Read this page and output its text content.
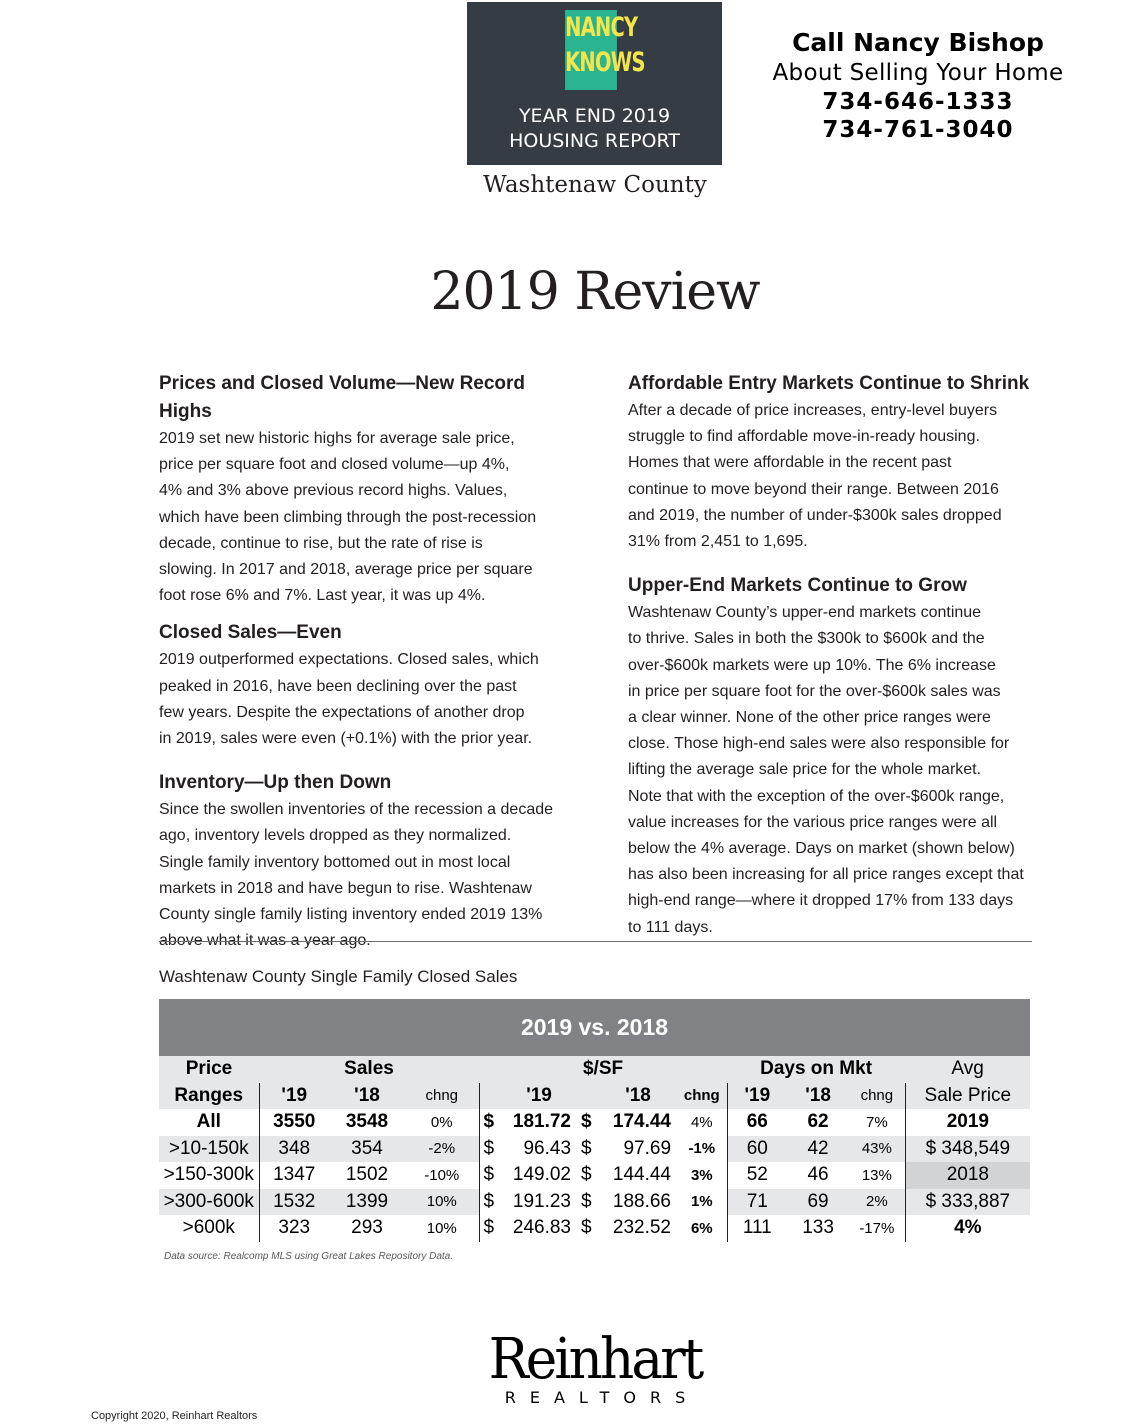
NANCY
KNOWS
YEAR END 2019
HOUSING REPORT
Washtenaw County
Call Nancy Bishop
About Selling Your Home
734-646-1333
734-761-3040
2019 Review
Prices and Closed Volume—New Record Highs

2019 set new historic highs for average sale price,
price per square foot and closed volume—up 4%,
4% and 3% above previous record highs. Values,
which have been climbing through the post-recession
decade, continue to rise, but the rate of rise is
slowing. In 2017 and 2018, average price per square
foot rose 6% and 7%. Last year, it was up 4%.

Closed Sales—Even

2019 outperformed expectations. Closed sales, which
peaked in 2016, have been declining over the past
few years. Despite the expectations of another drop
in 2019, sales were even (+0.1%) with the prior year.

Inventory—Up then Down

Since the swollen inventories of the recession a decade
ago, inventory levels dropped as they normalized.
Single family inventory bottomed out in most local
markets in 2018 and have begun to rise. Washtenaw
County single family listing inventory ended 2019 13%
above what it was a year ago.

Affordable Entry Markets Continue to Shrink

After a decade of price increases, entry-level buyers
struggle to find affordable move-in-ready housing.
Homes that were affordable in the recent past
continue to move beyond their range. Between 2016
and 2019, the number of under-$300k sales dropped
31% from 2,451 to 1,695.

Upper-End Markets Continue to Grow

Washtenaw County’s upper-end markets continue
to thrive. Sales in both the $300k to $600k and the
over-$600k markets were up 10%. The 6% increase
in price per square foot for the over-$600k sales was
a clear winner. None of the other price ranges were
close. Those high-end sales were also responsible for
lifting the average sale price for the whole market.
Note that with the exception of the over-$600k range,
value increases for the various price ranges were all
below the 4% average. Days on market (shown below)
has also been increasing for all price ranges except that
high-end range—where it dropped 17% from 133 days
to 111 days.

Washtenaw County Single Family Closed Sales
2019 vs. 2018
Price	Sales			$/SF					Days on Mkt			Avg
Ranges	'19	'18	chng		'19		'18	chng	'19	'18	chng	Sale Price
All	3550	3548	0%	$	181.72	$	174.44	4%	66	62	7%	2019
>10-150k	348	354	-2%	$	96.43	$	97.69	-1%	60	42	43%	$ 348,549
>150-300k	1347	1502	-10%	$	149.02	$	144.44	3%	52	46	13%	2018
>300-600k	1532	1399	10%	$	191.23	$	188.66	1%	71	69	2%	$ 333,887
>600k	323	293	10%	$	246.83	$	232.52	6%	111	133	-17%	4%
Data source: Realcomp MLS using Great Lakes Repository Data.
Reinhart
REALTORS
Copyright 2020, Reinhart Realtors
